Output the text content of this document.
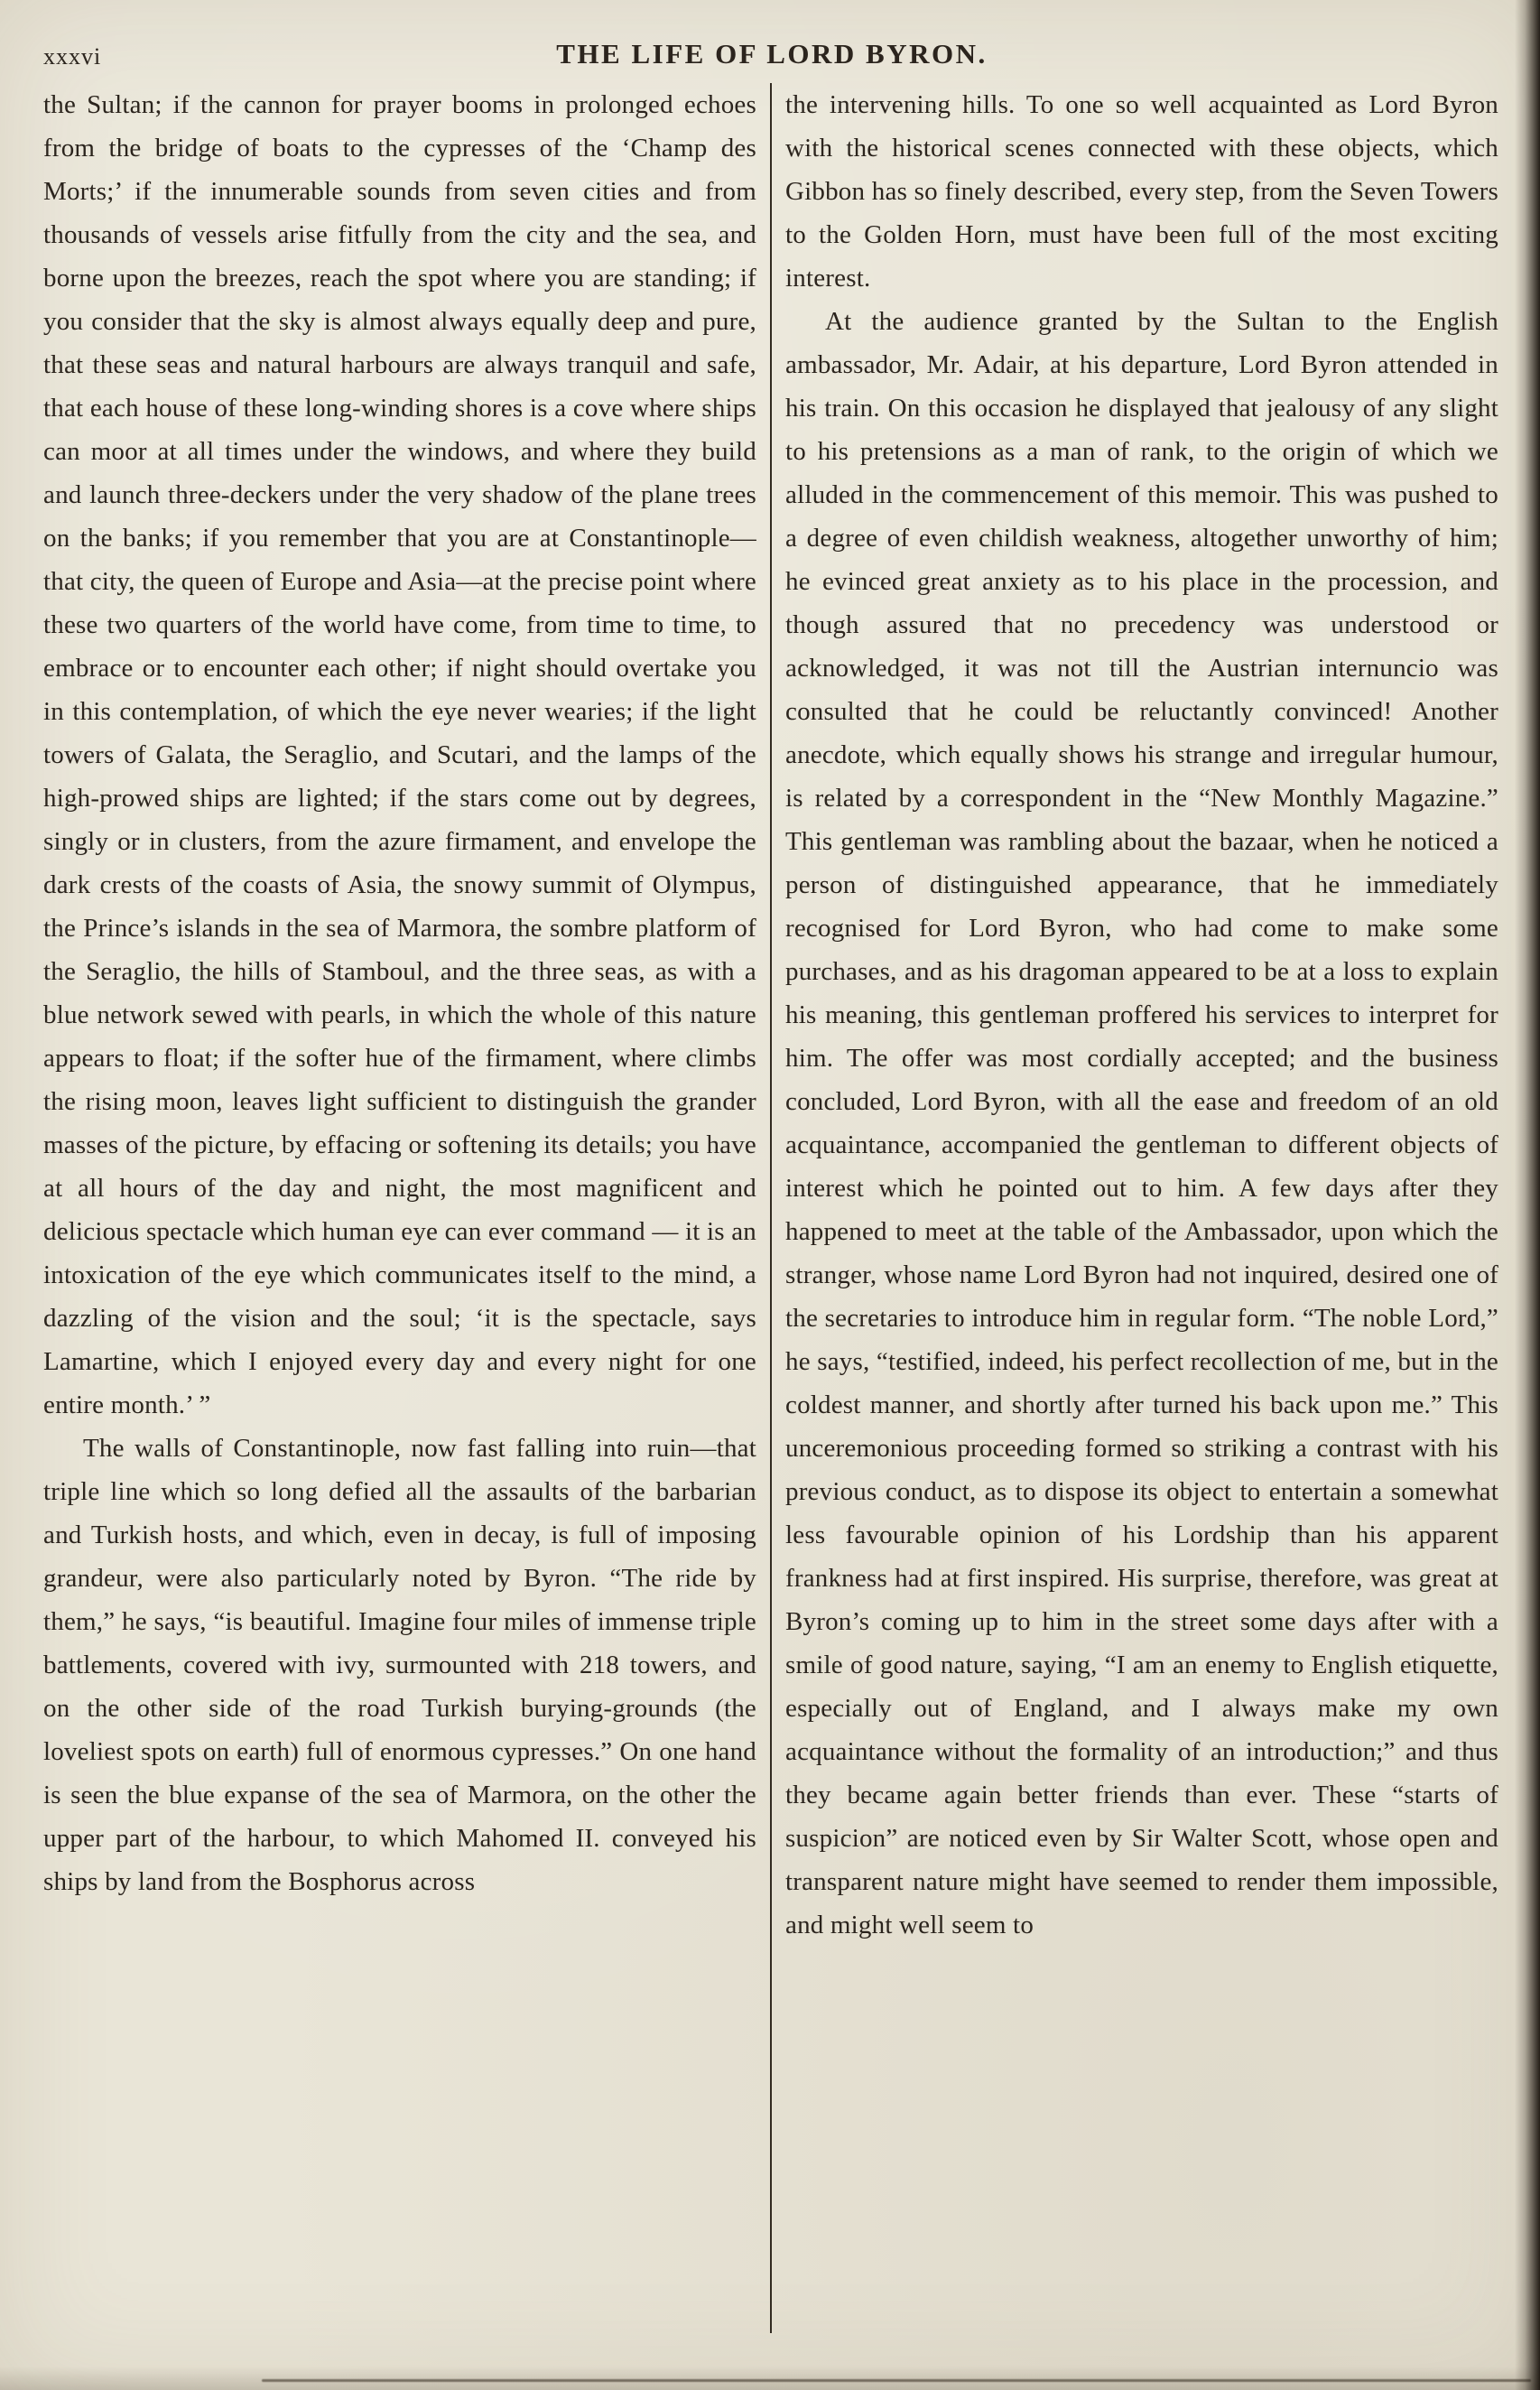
xxxvi	THE LIFE OF LORD BYRON.

the Sultan; if the cannon for prayer booms in prolonged echoes from the bridge of boats to the cypresses of the ‘Champ des Morts;’ if the innumerable sounds from seven cities and from thousands of vessels arise fitfully from the city and the sea, and borne upon the breezes, reach the spot where you are standing; if you consider that the sky is almost always equally deep and pure, that these seas and natural harbours are always tranquil and safe, that each house of these long-winding shores is a cove where ships can moor at all times under the windows, and where they build and launch three-deckers under the very shadow of the plane trees on the banks; if you remember that you are at Constantinople—that city, the queen of Europe and Asia—at the precise point where these two quarters of the world have come, from time to time, to embrace or to encounter each other; if night should overtake you in this contemplation, of which the eye never wearies; if the light towers of Galata, the Seraglio, and Scutari, and the lamps of the high-prowed ships are lighted; if the stars come out by degrees, singly or in clusters, from the azure firmament, and envelope the dark crests of the coasts of Asia, the snowy summit of Olympus, the Prince’s islands in the sea of Marmora, the sombre platform of the Seraglio, the hills of Stamboul, and the three seas, as with a blue network sewed with pearls, in which the whole of this nature appears to float; if the softer hue of the firmament, where climbs the rising moon, leaves light sufficient to distinguish the grander masses of the picture, by effacing or softening its details; you have at all hours of the day and night, the most magnificent and delicious spectacle which human eye can ever command — it is an intoxication of the eye which communicates itself to the mind, a dazzling of the vision and the soul; ‘it is the spectacle, says Lamartine, which I enjoyed every day and every night for one entire month.’ ”

The walls of Constantinople, now fast falling into ruin—that triple line which so long defied all the assaults of the barbarian and Turkish hosts, and which, even in decay, is full of imposing grandeur, were also particularly noted by Byron. “The ride by them,” he says, “is beautiful. Imagine four miles of immense triple battlements, covered with ivy, surmounted with 218 towers, and on the other side of the road Turkish burying-grounds (the loveliest spots on earth) full of enormous cypresses.” On one hand is seen the blue expanse of the sea of Marmora, on the other the upper part of the harbour, to which Mahomed II. conveyed his ships by land from the Bosphorus across

the intervening hills. To one so well acquainted as Lord Byron with the historical scenes connected with these objects, which Gibbon has so finely described, every step, from the Seven Towers to the Golden Horn, must have been full of the most exciting interest.

At the audience granted by the Sultan to the English ambassador, Mr. Adair, at his departure, Lord Byron attended in his train. On this occasion he displayed that jealousy of any slight to his pretensions as a man of rank, to the origin of which we alluded in the commencement of this memoir. This was pushed to a degree of even childish weakness, altogether unworthy of him; he evinced great anxiety as to his place in the procession, and though assured that no precedency was understood or acknowledged, it was not till the Austrian internuncio was consulted that he could be reluctantly convinced! Another anecdote, which equally shows his strange and irregular humour, is related by a correspondent in the “New Monthly Magazine.” This gentleman was rambling about the bazaar, when he noticed a person of distinguished appearance, that he immediately recognised for Lord Byron, who had come to make some purchases, and as his dragoman appeared to be at a loss to explain his meaning, this gentleman proffered his services to interpret for him. The offer was most cordially accepted; and the business concluded, Lord Byron, with all the ease and freedom of an old acquaintance, accompanied the gentleman to different objects of interest which he pointed out to him. A few days after they happened to meet at the table of the Ambassador, upon which the stranger, whose name Lord Byron had not inquired, desired one of the secretaries to introduce him in regular form. “The noble Lord,” he says, “testified, indeed, his perfect recollection of me, but in the coldest manner, and shortly after turned his back upon me.” This unceremonious proceeding formed so striking a contrast with his previous conduct, as to dispose its object to entertain a somewhat less favourable opinion of his Lordship than his apparent frankness had at first inspired. His surprise, therefore, was great at Byron’s coming up to him in the street some days after with a smile of good nature, saying, “I am an enemy to English etiquette, especially out of England, and I always make my own acquaintance without the formality of an introduction;” and thus they became again better friends than ever. These “starts of suspicion” are noticed even by Sir Walter Scott, whose open and transparent nature might have seemed to render them impossible, and might well seem to
